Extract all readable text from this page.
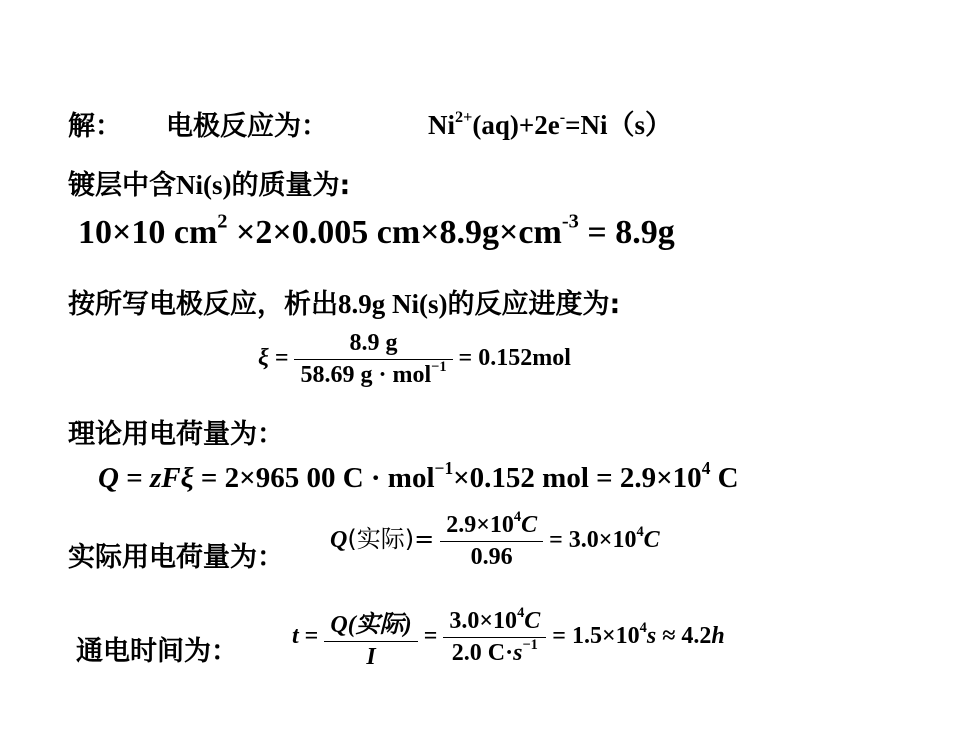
解： 电极反应为：	$Ni^{2+}(aq)+2e^-=Ni(s)$
镀层中含Ni(s)的质量为:
10×10 $cm^2 \times 2\times 0.005$ $cm\times 8.9g\times cm^{-3} = 8.9g$
按所写电极反应，析出8.9g Ni(s)的反应进度为:
$\xi = \frac{8.9 g}{58.69 g \cdot mol^{-1}} = 0.152mol$
理论用电荷量为：
Q = zFξ = 2×965 00 C · mol$^{-1}$×0.152 mol = $2.9\times 10^4$ C
实际用电荷量为：
Q(实际)= $\frac{2.9\times 10^4C}{0.96} = 3.0\times 10^4C$
通电时间为： $t = \frac{\text{Q(实际)}}{I} = \frac{3.0\times 10^4C}{2.0 C\cdot s^{-1}} = 1.5\times 10^4s \approx 4.2h$
